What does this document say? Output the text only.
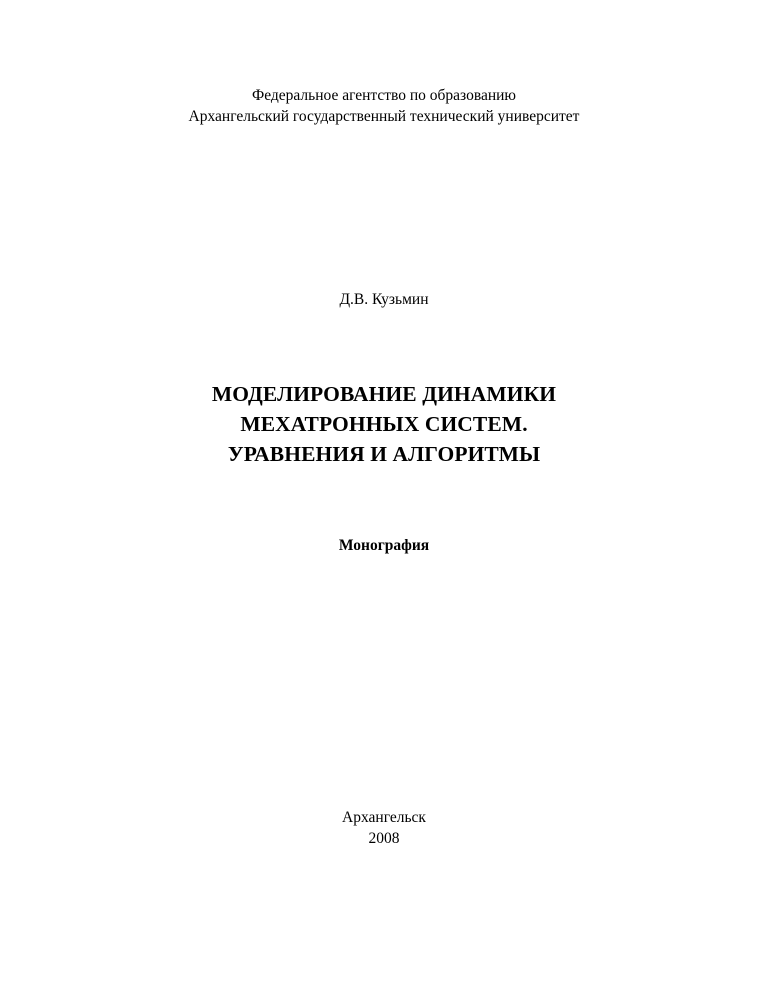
Федеральное агентство по образованию
Архангельский государственный технический университет
Д.В. Кузьмин
МОДЕЛИРОВАНИЕ ДИНАМИКИ
МЕХАТРОННЫХ СИСТЕМ.
УРАВНЕНИЯ И АЛГОРИТМЫ
Монография
Архангельск
2008
